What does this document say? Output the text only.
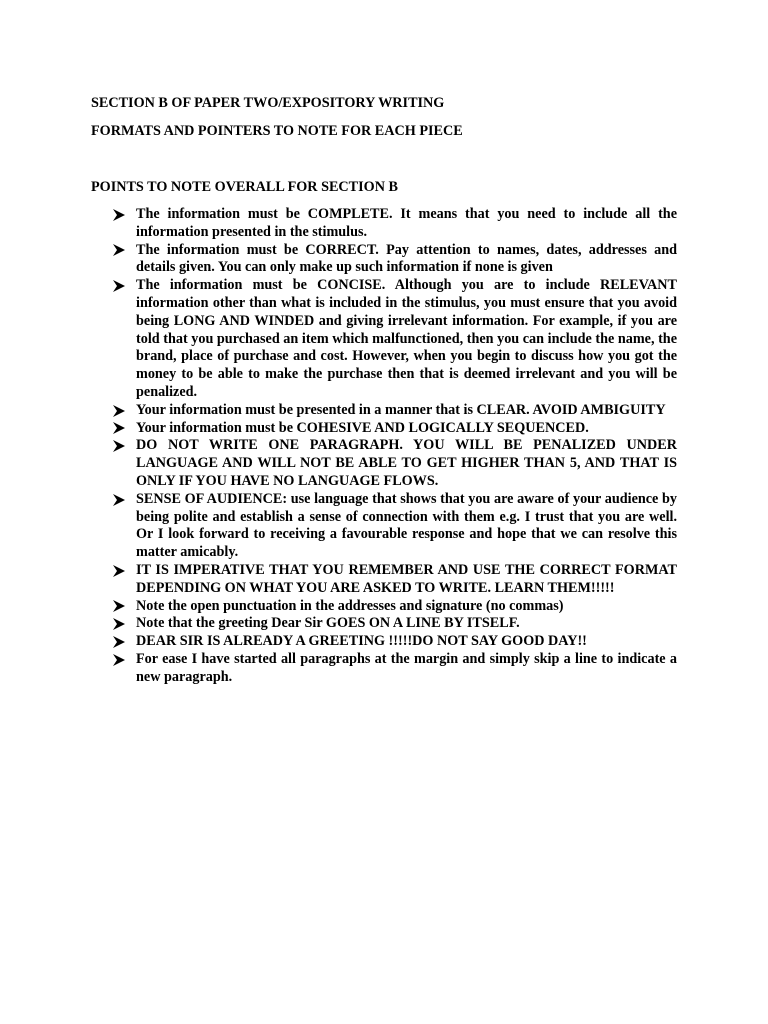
SECTION B OF PAPER TWO/EXPOSITORY WRITING

FORMATS AND POINTERS TO NOTE FOR EACH PIECE

POINTS TO NOTE OVERALL FOR SECTION B

The information must be COMPLETE. It means that you need to include all the information presented in the stimulus.
The information must be CORRECT. Pay attention to names, dates, addresses and details given. You can only make up such information if none is given
The information must be CONCISE. Although you are to include RELEVANT information other than what is included in the stimulus, you must ensure that you avoid being LONG AND WINDED and giving irrelevant information. For example, if you are told that you purchased an item which malfunctioned, then you can include the name, the brand, place of purchase and cost. However, when you begin to discuss how you got the money to be able to make the purchase then that is deemed irrelevant and you will be penalized.
Your information must be presented in a manner that is CLEAR. AVOID AMBIGUITY
Your information must be COHESIVE AND LOGICALLY SEQUENCED.
DO NOT WRITE ONE PARAGRAPH. YOU WILL BE PENALIZED UNDER LANGUAGE AND WILL NOT BE ABLE TO GET HIGHER THAN 5, AND THAT IS ONLY IF YOU HAVE NO LANGUAGE FLOWS.
SENSE OF AUDIENCE: use language that shows that you are aware of your audience by being polite and establish a sense of connection with them e.g. I trust that you are well. Or I look forward to receiving a favourable response and hope that we can resolve this matter amicably.
IT IS IMPERATIVE THAT YOU REMEMBER AND USE THE CORRECT FORMAT DEPENDING ON WHAT YOU ARE ASKED TO WRITE. LEARN THEM!!!!!
Note the open punctuation in the addresses and signature (no commas)
Note that the greeting Dear Sir GOES ON A LINE BY ITSELF.
DEAR SIR IS ALREADY A GREETING !!!!!DO NOT SAY GOOD DAY!!
For ease I have started all paragraphs at the margin and simply skip a line to indicate a new paragraph.
